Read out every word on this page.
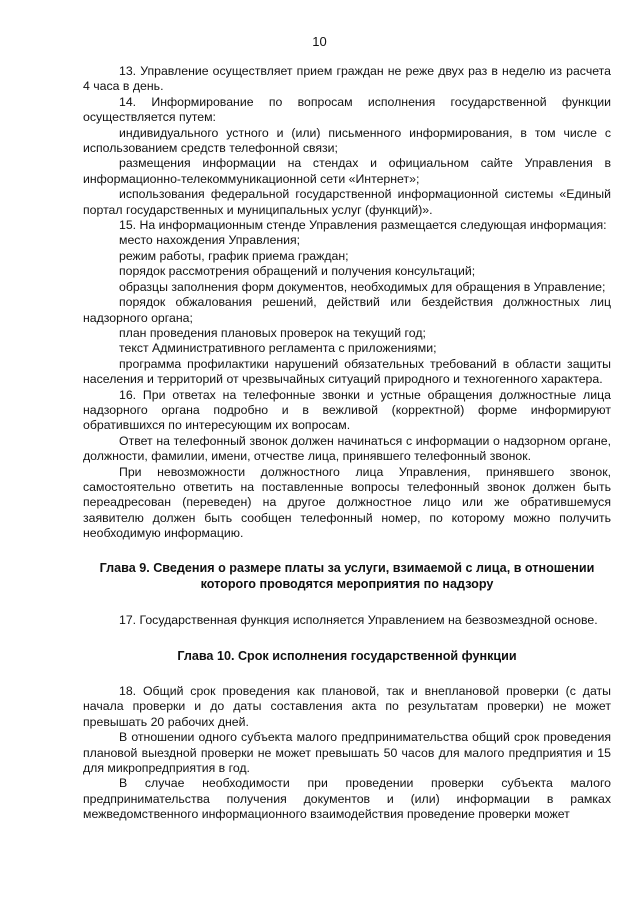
10

13. Управление осуществляет прием граждан не реже двух раз в неделю из расчета 4 часа в день.

14. Информирование по вопросам исполнения государственной функции осуществляется путем:

индивидуального устного и (или) письменного информирования, в том числе с использованием средств телефонной связи;

размещения информации на стендах и официальном сайте Управления в информационно-телекоммуникационной сети «Интернет»;

использования федеральной государственной информационной системы «Единый портал государственных и муниципальных услуг (функций)».

15. На информационным стенде Управления размещается следующая информация:

место нахождения Управления;

режим работы, график приема граждан;

порядок рассмотрения обращений и получения консультаций;

образцы заполнения форм документов, необходимых для обращения в Управление;

порядок обжалования решений, действий или бездействия должностных лиц надзорного органа;

план проведения плановых проверок на текущий год;

текст Административного регламента с приложениями;

программа профилактики нарушений обязательных требований в области защиты населения и территорий от чрезвычайных ситуаций природного и техногенного характера.

16. При ответах на телефонные звонки и устные обращения должностные лица надзорного органа подробно и в вежливой (корректной) форме информируют обратившихся по интересующим их вопросам.

Ответ на телефонный звонок должен начинаться с информации о надзорном органе, должности, фамилии, имени, отчестве лица, принявшего телефонный звонок.

При невозможности должностного лица Управления, принявшего звонок, самостоятельно ответить на поставленные вопросы телефонный звонок должен быть переадресован (переведен) на другое должностное лицо или же обратившемуся заявителю должен быть сообщен телефонный номер, по которому можно получить необходимую информацию.

Глава 9. Сведения о размере платы за услуги, взимаемой с лица, в отношении
которого проводятся мероприятия по надзору

17. Государственная функция исполняется Управлением на безвозмездной основе.

Глава 10. Срок исполнения государственной функции

18. Общий срок проведения как плановой, так и внеплановой проверки (с даты начала проверки и до даты составления акта по результатам проверки) не может превышать 20 рабочих дней.

В отношении одного субъекта малого предпринимательства общий срок проведения плановой выездной проверки не может превышать 50 часов для малого предприятия и 15 для микропредприятия в год.

В случае необходимости при проведении проверки субъекта малого предпринимательства получения документов и (или) информации в рамках межведомственного информационного взаимодействия проведение проверки может
